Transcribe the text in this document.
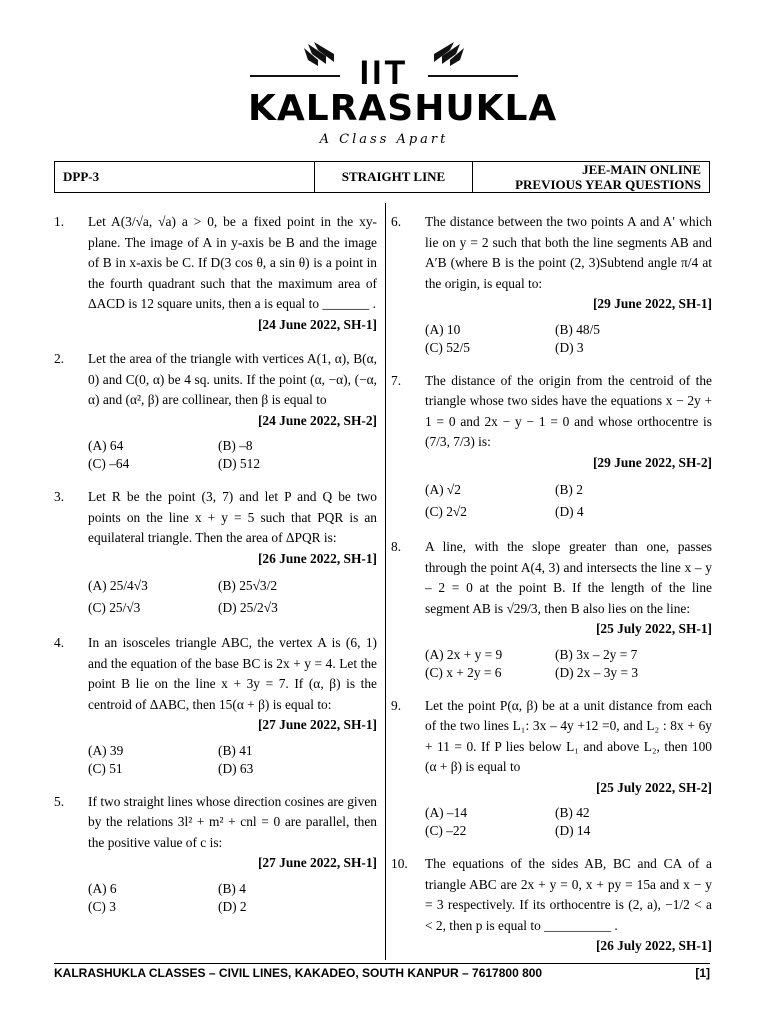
IIT
KALRASHUKLA
A Class Apart
DPP-3	STRAIGHT LINE	JEE-MAIN ONLINE
PREVIOUS YEAR QUESTIONS
1.	Let A(3/√a, √a) a > 0, be a fixed point in the xy-plane. The image of A in y-axis be B and the image of B in x-axis be C. If D(3 cos θ, a sin θ) is a point in the fourth quadrant such that the maximum area of ΔACD is 12 square units, then a is equal to _______ .
[24 June 2022, SH-1]
2.	Let the area of the triangle with vertices A(1, α), B(α, 0) and C(0, α) be 4 sq. units. If the point (α, −α), (−α, α) and (α², β) are collinear, then β is equal to
[24 June 2022, SH-2]
(A) 64	(B) –8
(C) –64	(D) 512
3.	Let R be the point (3, 7) and let P and Q be two points on the line x + y = 5 such that PQR is an equilateral triangle. Then the area of ΔPQR is:
[26 June 2022, SH-1]
(A) 25/4√3	(B) 25√3/2
(C) 25/√3	(D) 25/2√3
4.	In an isosceles triangle ABC, the vertex A is (6, 1) and the equation of the base BC is 2x + y = 4. Let the point B lie on the line x + 3y = 7. If (α, β) is the centroid of ΔABC, then 15(α + β) is equal to:
[27 June 2022, SH-1]
(A) 39	(B) 41
(C) 51	(D) 63
5.	If two straight lines whose direction cosines are given by the relations 3l² + m² + cnl = 0 are parallel, then the positive value of c is:
[27 June 2022, SH-1]
(A) 6	(B) 4
(C) 3	(D) 2
6.	The distance between the two points A and A′ which lie on y = 2 such that both the line segments AB and A′B (where B is the point (2, 3)Subtend angle π/4 at the origin, is equal to:
[29 June 2022, SH-1]
(A) 10	(B) 48/5
(C) 52/5	(D) 3
7.	The distance of the origin from the centroid of the triangle whose two sides have the equations x − 2y + 1 = 0 and 2x − y − 1 = 0 and whose orthocentre is (7/3, 7/3) is:
[29 June 2022, SH-2]
(A) √2	(B) 2
(C) 2√2	(D) 4
8.	A line, with the slope greater than one, passes through the point A(4, 3) and intersects the line x – y – 2 = 0 at the point B. If the length of the line segment AB is √29/3, then B also lies on the line:
[25 July 2022, SH-1]
(A) 2x + y = 9	(B) 3x – 2y = 7
(C) x + 2y = 6	(D) 2x – 3y = 3
9.	Let the point P(α, β) be at a unit distance from each of the two lines L₁: 3x – 4y +12 =0, and L₂ : 8x + 6y + 11 = 0. If P lies below L₁ and above L₂, then 100 (α + β) is equal to
[25 July 2022, SH-2]
(A) –14	(B) 42
(C) –22	(D) 14
10.	The equations of the sides AB, BC and CA of a triangle ABC are 2x + y = 0, x + py = 15a and x − y = 3 respectively. If its orthocentre is (2, a), −1/2 < a < 2, then p is equal to __________ .
[26 July 2022, SH-1]
KALRASHUKLA CLASSES – CIVIL LINES, KAKADEO, SOUTH KANPUR – 7617800 800	[1]
